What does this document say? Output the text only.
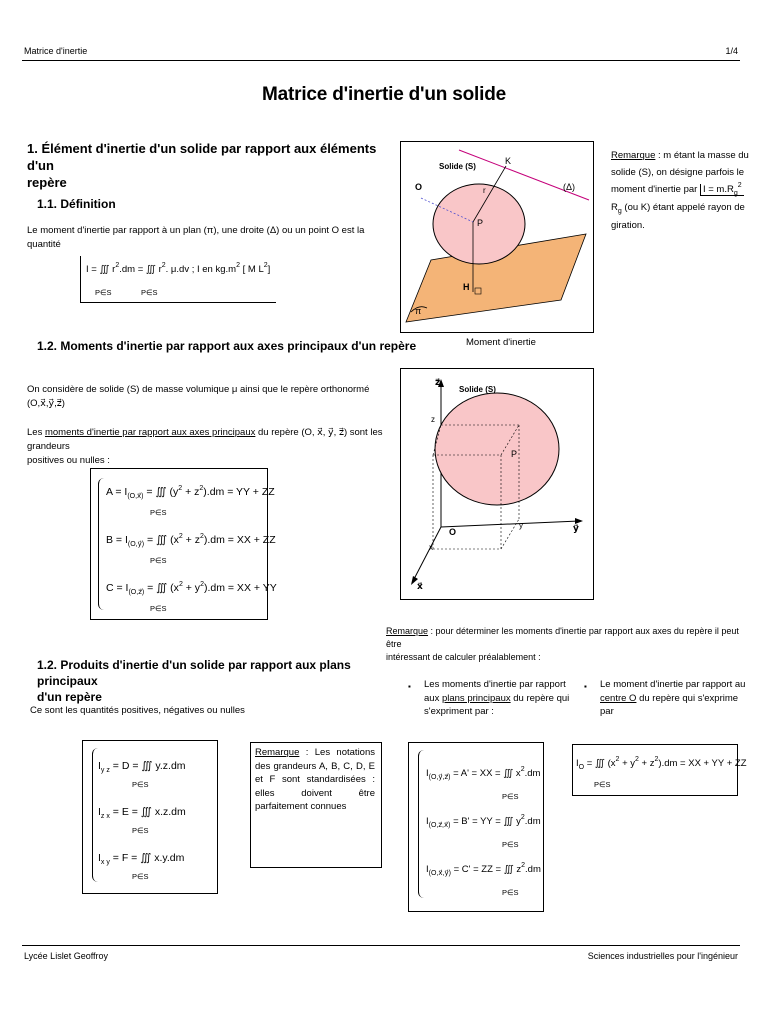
Matrice d'inertie	1/4
Matrice d'inertie d'un solide
1. Élément d'inertie d'un solide par rapport aux éléments d'un
repère
1.1. Définition
Le moment d'inertie par rapport à un plan (π), une droite (Δ) ou un point O est la quantité
I = ∭ $r^2.dm$ = ∭ $r^2$. μ.dv ; I en $kg.m^2$ [ M $L^2$]
P∈S	P∈S
1.2. Moments d'inertie par rapport aux axes principaux d'un repère
On considère de solide (S) de masse volumique μ ainsi que le repère orthonormé (O,x⃗,y⃗,z⃗)
Les moments d'inertie par rapport aux axes principaux du repère (O, x⃗, y⃗, z⃗) sont les grandeurs
positives ou nulles :
$A = I_{(O,x⃗)}$ = ∭ $(y^2 + z^2).dm$ = YY + ZZ
P∈S
$B = I_{(O,y⃗)}$ = ∭ $(x^2 + z^2).dm$ = XX + ZZ
P∈S
$C = I_{(O,z⃗)}$ = ∭ $(x^2 + y^2).dm$ = XX + YY
P∈S
1.2. Produits d'inertie d'un solide par rapport aux plans principaux
d'un repère
Ce sont les quantités positives, négatives ou nulles
$I_{y z} = D$ = ∭ y.z.dm
P∈S
$I_{z x} = E$ = ∭ x.z.dm
P∈S
$I_{x y} = F$ = ∭ x.y.dm
P∈S
Remarque : Les notations des grandeurs A, B, C, D, E et F sont standardisées : elles doivent être parfaitement connues
Solide (S)
K
O	(Δ)
P
H
π
r
Moment d'inertie
Remarque : m étant la masse du
solide (S), on désigne parfois le
moment d'inertie par $I = m.R_g^2$
$R_g$ (ou K) étant appelé rayon de
giration.
z⃗
Solide (S)
z
P
O
y	y⃗
x
x⃗
Remarque : pour déterminer les moments d'inertie par rapport aux axes du repère il peut être
intéressant de calculer préalablement :
▪ Les moments d'inertie par rapport
aux plans principaux du repère qui
s'expriment par :
▪ Le moment d'inertie par rapport au
centre O du repère qui s'exprime par
$I_{(O,y⃗,z⃗)} = A'$ = XX = ∭ $x^2.dm$
P∈S
$I_{(O,z⃗,x⃗)} = B'$ = YY = ∭ $y^2.dm$
P∈S
$I_{(O,x⃗,y⃗)} = C'$ = ZZ = ∭ $z^2.dm$
P∈S
$I_O$ = ∭ $(x^2 + y^2 + z^2).dm$ = XX + YY + ZZ
P∈S
Lycée Lislet Geoffroy	Sciences industrielles pour l'ingénieur
